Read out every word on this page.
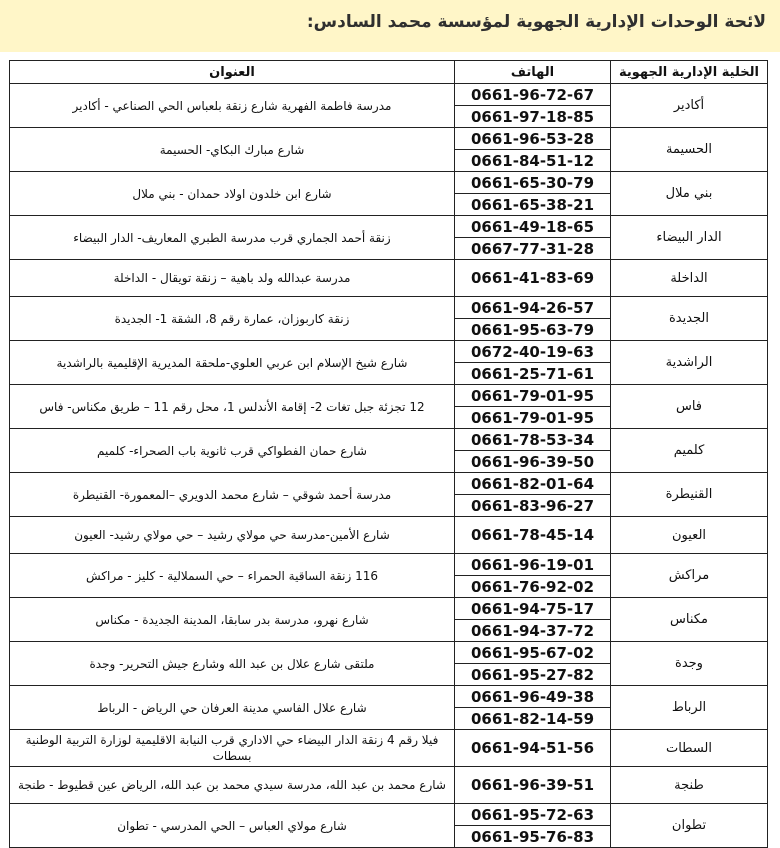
لائحة الوحدات الإدارية الجهوية لمؤسسة محمد السادس:
الخلية الإدارية الجهوية	الهاتف	العنوان
أكادير	0661-96-72-67	مدرسة فاطمة الفهرية شارع زنقة بلعباس الحي الصناعي - أكادير
	0661-97-18-85	
الحسيمة	0661-96-53-28	شارع مبارك البكاي- الحسيمة
	0661-84-51-12	
بني ملال	0661-65-30-79	شارع ابن خلدون اولاد حمدان - بني ملال
	0661-65-38-21	
الدار البيضاء	0661-49-18-65	زنقة أحمد الجماري قرب مدرسة الطبري المعاريف- الدار البيضاء
	0667-77-31-28	
الداخلة	0661-41-83-69	مدرسة عبدالله ولد باهية – زنقة تويقال - الداخلة
الجديدة	0661-94-26-57	زنقة كاربوزان، عمارة رقم 8، الشقة 1- الجديدة
	0661-95-63-79	
الراشدية	0672-40-19-63	شارع شيخ الإسلام ابن عربي العلوي-ملحقة المديرية الإقليمية بالراشدية
	0661-25-71-61	
فاس	0661-79-01-95	12 تجزئة جبل تغات 2- إقامة الأندلس 1، محل رقم 11 – طريق مكناس- فاس
	0661-79-01-95	
كلميم	0661-78-53-34	شارع حمان الفطواكي قرب ثانوية باب الصحراء- كلميم
	0661-96-39-50	
القنيطرة	0661-82-01-64	مدرسة أحمد شوقي – شارع محمد الدويري –المعمورة- القنيطرة
	0661-83-96-27	
العيون	0661-78-45-14	شارع الأمين-مدرسة حي مولاي رشيد – حي مولاي رشيد- العيون
مراكش	0661-96-19-01	116 زنقة الساقية الحمراء – حي السملالية - كليز - مراكش
	0661-76-92-02	
مكناس	0661-94-75-17	شارع نهرو، مدرسة بدر سابقا، المدينة الجديدة - مكناس
	0661-94-37-72	
وجدة	0661-95-67-02	ملتقى شارع علال بن عبد الله وشارع جيش التحرير- وجدة
	0661-95-27-82	
الرباط	0661-96-49-38	شارع علال الفاسي مدينة العرفان حي الرياض - الرباط
	0661-82-14-59	
السطات	0661-94-51-56	فيلا رقم 4 زنقة الدار البيضاء حي الاداري قرب النيابة الاقليمية لوزارة التربية الوطنية بسطات
طنجة	0661-96-39-51	شارع محمد بن عبد الله، مدرسة سيدي محمد بن عبد الله، الرياض عين قطيوط - طنجة
تطوان	0661-95-72-63	شارع مولاي العباس – الحي المدرسي - تطوان
	0661-95-76-83	
